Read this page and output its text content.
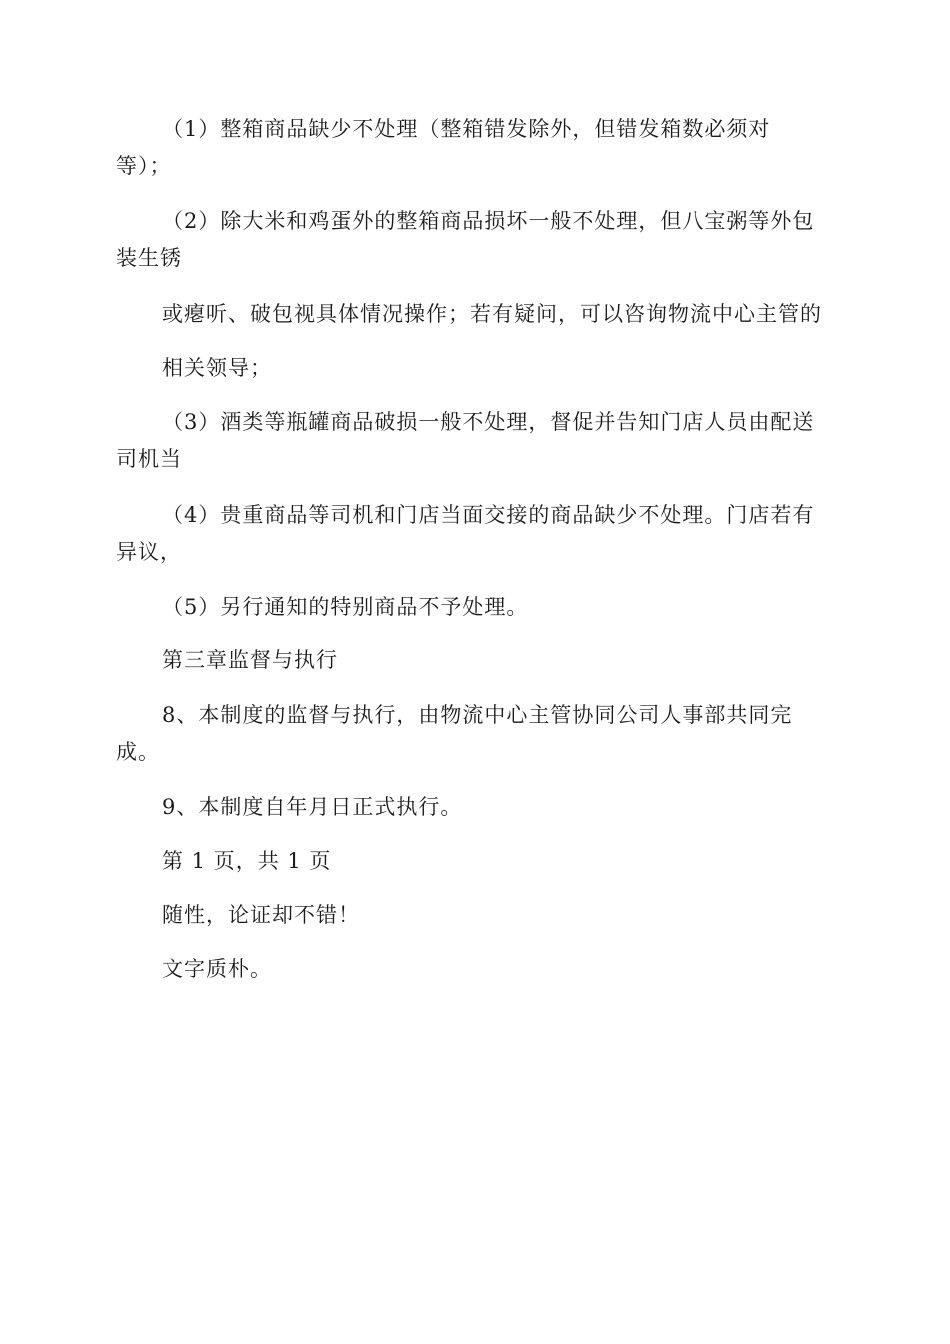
（1）整箱商品缺少不处理（整箱错发除外，但错发箱数必须对
等）；

（2）除大米和鸡蛋外的整箱商品损坏一般不处理，但八宝粥等外包
装生锈

或瘪听、破包视具体情况操作；若有疑问，可以咨询物流中心主管的

相关领导；

（3）酒类等瓶罐商品破损一般不处理，督促并告知门店人员由配送
司机当

（4）贵重商品等司机和门店当面交接的商品缺少不处理。门店若有
异议，

（5）另行通知的特别商品不予处理。

第三章监督与执行

8、本制度的监督与执行，由物流中心主管协同公司人事部共同完
成。

9、本制度自年月日正式执行。

第 1 页，共 1 页

随性，论证却不错！

文字质朴。
